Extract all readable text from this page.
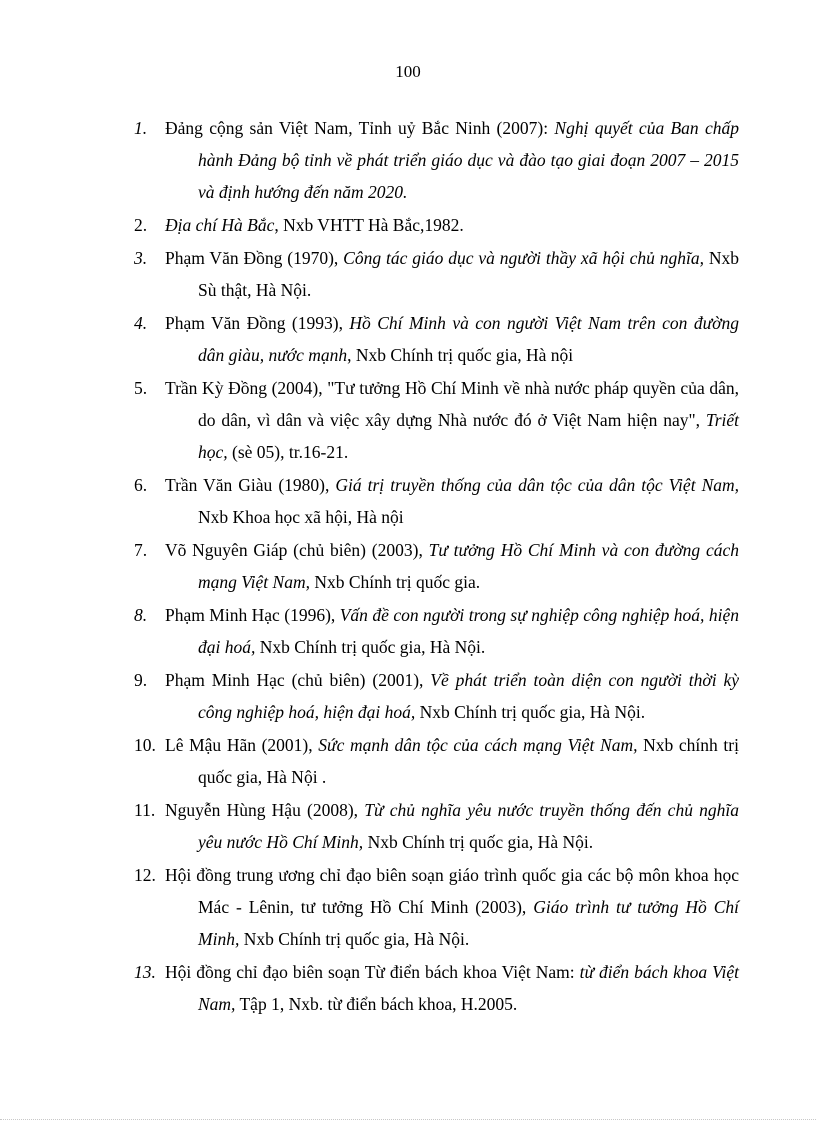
100
1. Đảng cộng sản Việt Nam, Tỉnh uỷ Bắc Ninh (2007): Nghị quyết của Ban chấp hành Đảng bộ tỉnh về phát triển giáo dục và đào tạo giai đoạn 2007 – 2015 và định hướng đến năm 2020.
2. Địa chí Hà Bắc, Nxb VHTT Hà Bắc,1982.
3. Phạm Văn Đồng (1970), Công tác giáo dục và người thầy xã hội chủ nghĩa, Nxb Sù thật, Hà Nội.
4. Phạm Văn Đồng (1993), Hồ Chí Minh và con người Việt Nam trên con đường dân giàu, nước mạnh, Nxb Chính trị quốc gia, Hà nội
5. Trần Kỳ Đồng (2004), "Tư tưởng Hồ Chí Minh về nhà nước pháp quyền của dân, do dân, vì dân và việc xây dựng Nhà nước đó ở Việt Nam hiện nay", Triết học, (sè 05), tr.16-21.
6. Trần Văn Giàu (1980), Giá trị truyền thống của dân tộc của dân tộc Việt Nam, Nxb Khoa học xã hội, Hà nội
7. Võ Nguyên Giáp (chủ biên) (2003), Tư tưởng Hồ Chí Minh và con đường cách mạng Việt Nam, Nxb Chính trị quốc gia.
8. Phạm Minh Hạc (1996), Vấn đề con người trong sự nghiệp công nghiệp hoá, hiện đại hoá, Nxb Chính trị quốc gia, Hà Nội.
9. Phạm Minh Hạc (chủ biên) (2001), Về phát triển toàn diện con người thời kỳ công nghiệp hoá, hiện đại hoá, Nxb Chính trị quốc gia, Hà Nội.
10. Lê Mậu Hãn (2001), Sức mạnh dân tộc của cách mạng Việt Nam, Nxb chính trị quốc gia, Hà Nội .
11. Nguyễn Hùng Hậu (2008), Từ chủ nghĩa yêu nước truyền thống đến chủ nghĩa yêu nước Hồ Chí Minh, Nxb Chính trị quốc gia, Hà Nội.
12. Hội đồng trung ương chỉ đạo biên soạn giáo trình quốc gia các bộ môn khoa học Mác - Lênin, tư tưởng Hồ Chí Minh (2003), Giáo trình tư tưởng Hồ Chí Minh, Nxb Chính trị quốc gia, Hà Nội.
13. Hội đồng chỉ đạo biên soạn Từ điển bách khoa Việt Nam: từ điển bách khoa Việt Nam, Tập 1, Nxb. từ điển bách khoa, H.2005.
